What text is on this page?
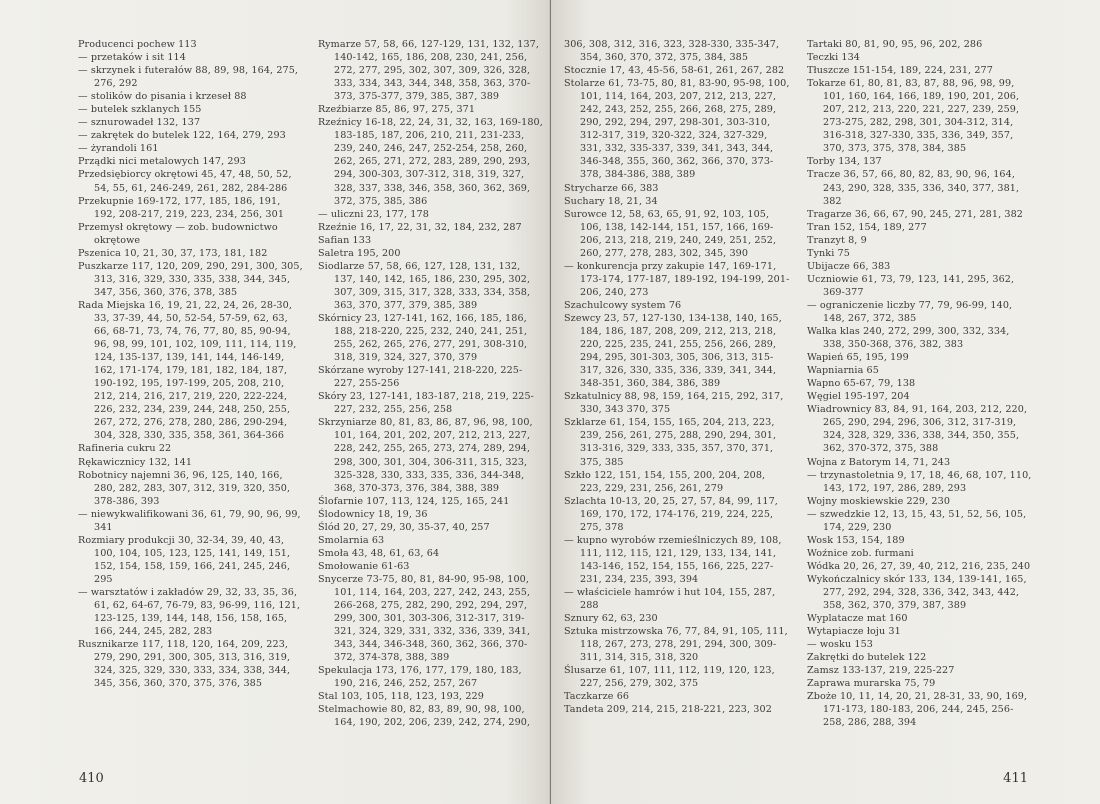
Producenci pochew 113
— przetaków i sit 114
— skrzynek i futerałów 88, 89, 98, 164, 275, 276, 292
— stolików do pisania i krzeseł 88
— butelek szklanych 155
— sznurowadeł 132, 137
— zakrętek do butelek 122, 164, 279, 293
— żyrandoli 161
Prządki nici metalowych 147, 293
Przedsiębiorcy okrętowi 45, 47, 48, 50, 52, 54, 55, 61, 246-249, 261, 282, 284-286
Przekupnie 169-172, 177, 185, 186, 191, 192, 208-217, 219, 223, 234, 256, 301
Przemysł okrętowy — zob. budownictwo okrętowe
Pszenica 10, 21, 30, 37, 173, 181, 182
Puszkarze 117, 120, 209, 290, 291, 300, 305, 313, 316, 329, 330, 335, 338, 344, 345, 347, 356, 360, 376, 378, 385
Rada Miejska 16, 19, 21, 22, 24, 26, 28-30, 33, 37-39, 44, 50, 52-54, 57-59, 62, 63, 66, 68-71, 73, 74, 76, 77, 80, 85, 90-94, 96, 98, 99, 101, 102, 109, 111, 114, 119, 124, 135-137, 139, 141, 144, 146-149, 162, 171-174, 179, 181, 182, 184, 187, 190-192, 195, 197-199, 205, 208, 210, 212, 214, 216, 217, 219, 220, 222-224, 226, 232, 234, 239, 244, 248, 250, 255, 267, 272, 276, 278, 280, 286, 290-294, 304, 328, 330, 335, 358, 361, 364-366
Rafineria cukru 22
Rękawicznicy 132, 141
Robotnicy najemni 36, 96, 125, 140, 166, 280, 282, 283, 307, 312, 319, 320, 350, 378-386, 393
— niewykwalifikowani 36, 61, 79, 90, 96, 99, 341
Rozmiary produkcji 30, 32-34, 39, 40, 43, 100, 104, 105, 123, 125, 141, 149, 151, 152, 154, 158, 159, 166, 241, 245, 246, 295
— warsztatów i zakładów 29, 32, 33, 35, 36, 61, 62, 64-67, 76-79, 83, 96-99, 116, 121, 123-125, 139, 144, 148, 156, 158, 165, 166, 244, 245, 282, 283
Rusznikarze 117, 118, 120, 164, 209, 223, 279, 290, 291, 300, 305, 313, 316, 319, 324, 325, 329, 330, 333, 334, 338, 344, 345, 356, 360, 370, 375, 376, 385
Rymarze 57, 58, 66, 127-129, 131, 132, 137, 140-142, 165, 186, 208, 230, 241, 256, 272, 277, 295, 302, 307, 309, 326, 328, 333, 334, 343, 344, 348, 358, 363, 370-373, 375-377, 379, 385, 387, 389
Rzeźbiarze 85, 86, 97, 275, 371
Rzeźnicy 16-18, 22, 24, 31, 32, 163, 169-180, 183-185, 187, 206, 210, 211, 231-233, 239, 240, 246, 247, 252-254, 258, 260, 262, 265, 271, 272, 283, 289, 290, 293, 294, 300-303, 307-312, 318, 319, 327, 328, 337, 338, 346, 358, 360, 362, 369, 372, 375, 385, 386
— uliczni 23, 177, 178
Rzeźnie 16, 17, 22, 31, 32, 184, 232, 287
Safian 133
Saletra 195, 200
Siodlarze 57, 58, 66, 127, 128, 131, 132, 137, 140, 142, 165, 186, 230, 295, 302, 307, 309, 315, 317, 328, 333, 334, 358, 363, 370, 377, 379, 385, 389
Skórnicy 23, 127-141, 162, 166, 185, 186, 188, 218-220, 225, 232, 240, 241, 251, 255, 262, 265, 276, 277, 291, 308-310, 318, 319, 324, 327, 370, 379
Skórzane wyroby 127-141, 218-220, 225-227, 255-256
Skóry 23, 127-141, 183-187, 218, 219, 225-227, 232, 255, 256, 258
Skrzyniarze 80, 81, 83, 86, 87, 96, 98, 100, 101, 164, 201, 202, 207, 212, 213, 227, 228, 242, 255, 265, 273, 274, 289, 294, 298, 300, 301, 304, 306-311, 315, 323, 325-328, 330, 333, 335, 336, 344-348, 368, 370-373, 376, 384, 388, 389
Ślofarnie 107, 113, 124, 125, 165, 241
Ślodownicy 18, 19, 36
Ślód 20, 27, 29, 30, 35-37, 40, 257
Smolarnia 63
Smoła 43, 48, 61, 63, 64
Smołowanie 61-63
Snycerze 73-75, 80, 81, 84-90, 95-98, 100, 101, 114, 164, 203, 227, 242, 243, 255, 266-268, 275, 282, 290, 292, 294, 297, 299, 300, 301, 303-306, 312-317, 319-321, 324, 329, 331, 332, 336, 339, 341, 343, 344, 346-348, 360, 362, 366, 370-372, 374-378, 388, 389
Spekulacja 173, 176, 177, 179, 180, 183, 190, 216, 246, 252, 257, 267
Stal 103, 105, 118, 123, 193, 229
Stelmachowie 80, 82, 83, 89, 90, 98, 100, 164, 190, 202, 206, 239, 242, 274, 290,
410
306, 308, 312, 316, 323, 328-330, 335-347, 354, 360, 370, 372, 375, 384, 385
Stocznie 17, 43, 45-56, 58-61, 261, 267, 282
Stolarze 61, 73-75, 80, 81, 83-90, 95-98, 100, 101, 114, 164, 203, 207, 212, 213, 227, 242, 243, 252, 255, 266, 268, 275, 289, 290, 292, 294, 297, 298-301, 303-310, 312-317, 319, 320-322, 324, 327-329, 331, 332, 335-337, 339, 341, 343, 344, 346-348, 355, 360, 362, 366, 370, 373-378, 384-386, 388, 389
Strycharze 66, 383
Suchary 18, 21, 34
Surowce 12, 58, 63, 65, 91, 92, 103, 105, 106, 138, 142-144, 151, 157, 166, 169-206, 213, 218, 219, 240, 249, 251, 252, 260, 277, 278, 283, 302, 345, 390
— konkurencja przy zakupie 147, 169-171, 173-174, 177-187, 189-192, 194-199, 201-206, 240, 273
Szachulcowy system 76
Szewcy 23, 57, 127-130, 134-138, 140, 165, 184, 186, 187, 208, 209, 212, 213, 218, 220, 225, 235, 241, 255, 256, 266, 289, 294, 295, 301-303, 305, 306, 313, 315-317, 326, 330, 335, 336, 339, 341, 344, 348-351, 360, 384, 386, 389
Szkatulnicy 88, 98, 159, 164, 215, 292, 317, 330, 343 370, 375
Szklarze 61, 154, 155, 165, 204, 213, 223, 239, 256, 261, 275, 288, 290, 294, 301, 313-316, 329, 333, 335, 357, 370, 371, 375, 385
Szkło 122, 151, 154, 155, 200, 204, 208, 223, 229, 231, 256, 261, 279
Szlachta 10-13, 20, 25, 27, 57, 84, 99, 117, 169, 170, 172, 174-176, 219, 224, 225, 275, 378
— kupno wyrobów rzemieślniczych 89, 108, 111, 112, 115, 121, 129, 133, 134, 141, 143-146, 152, 154, 155, 166, 225, 227-231, 234, 235, 393, 394
— właściciele hamrów i hut 104, 155, 287, 288
Sznury 62, 63, 230
Sztuka mistrzowska 76, 77, 84, 91, 105, 111, 118, 267, 273, 278, 291, 294, 300, 309-311, 314, 315, 318, 320
Ślusarze 61, 107, 111, 112, 119, 120, 123, 227, 256, 279, 302, 375
Taczkarze 66
Tandeta 209, 214, 215, 218-221, 223, 302
Tartaki 80, 81, 90, 95, 96, 202, 286
Teczki 134
Tłuszcze 151-154, 189, 224, 231, 277
Tokarze 61, 80, 81, 83, 87, 88, 96, 98, 99, 101, 160, 164, 166, 189, 190, 201, 206, 207, 212, 213, 220, 221, 227, 239, 259, 273-275, 282, 298, 301, 304-312, 314, 316-318, 327-330, 335, 336, 349, 357, 370, 373, 375, 378, 384, 385
Torby 134, 137
Tracze 36, 57, 66, 80, 82, 83, 90, 96, 164, 243, 290, 328, 335, 336, 340, 377, 381, 382
Tragarze 36, 66, 67, 90, 245, 271, 281, 382
Tran 152, 154, 189, 277
Tranzyt 8, 9
Tynki 75
Ubijacze 66, 383
Uczniowie 61, 73, 79, 123, 141, 295, 362, 369-377
— ograniczenie liczby 77, 79, 96-99, 140, 148, 267, 372, 385
Walka klas 240, 272, 299, 300, 332, 334, 338, 350-368, 376, 382, 383
Wapień 65, 195, 199
Wapniarnia 65
Wapno 65-67, 79, 138
Węgiel 195-197, 204
Wiadrownicy 83, 84, 91, 164, 203, 212, 220, 265, 290, 294, 296, 306, 312, 317-319, 324, 328, 329, 336, 338, 344, 350, 355, 362, 370-372, 375, 388
Wojna z Batorym 14, 71, 243
— trzynastoletnia 9, 17, 18, 46, 68, 107, 110, 143, 172, 197, 286, 289, 293
Wojny moskiewskie 229, 230
— szwedzkie 12, 13, 15, 43, 51, 52, 56, 105, 174, 229, 230
Wosk 153, 154, 189
Woźnice zob. furmani
Wódka 20, 26, 27, 39, 40, 212, 216, 235, 240
Wykończalnicy skór 133, 134, 139-141, 165, 277, 292, 294, 328, 336, 342, 343, 442, 358, 362, 370, 379, 387, 389
Wyplatacze mat 160
Wytapiacze łoju 31
— wosku 153
Zakrętki do butelek 122
Zamsz 133-137, 219, 225-227
Zaprawa murarska 75, 79
Zboże 10, 11, 14, 20, 21, 28-31, 33, 90, 169, 171-173, 180-183, 206, 244, 245, 256-258, 286, 288, 394
411
